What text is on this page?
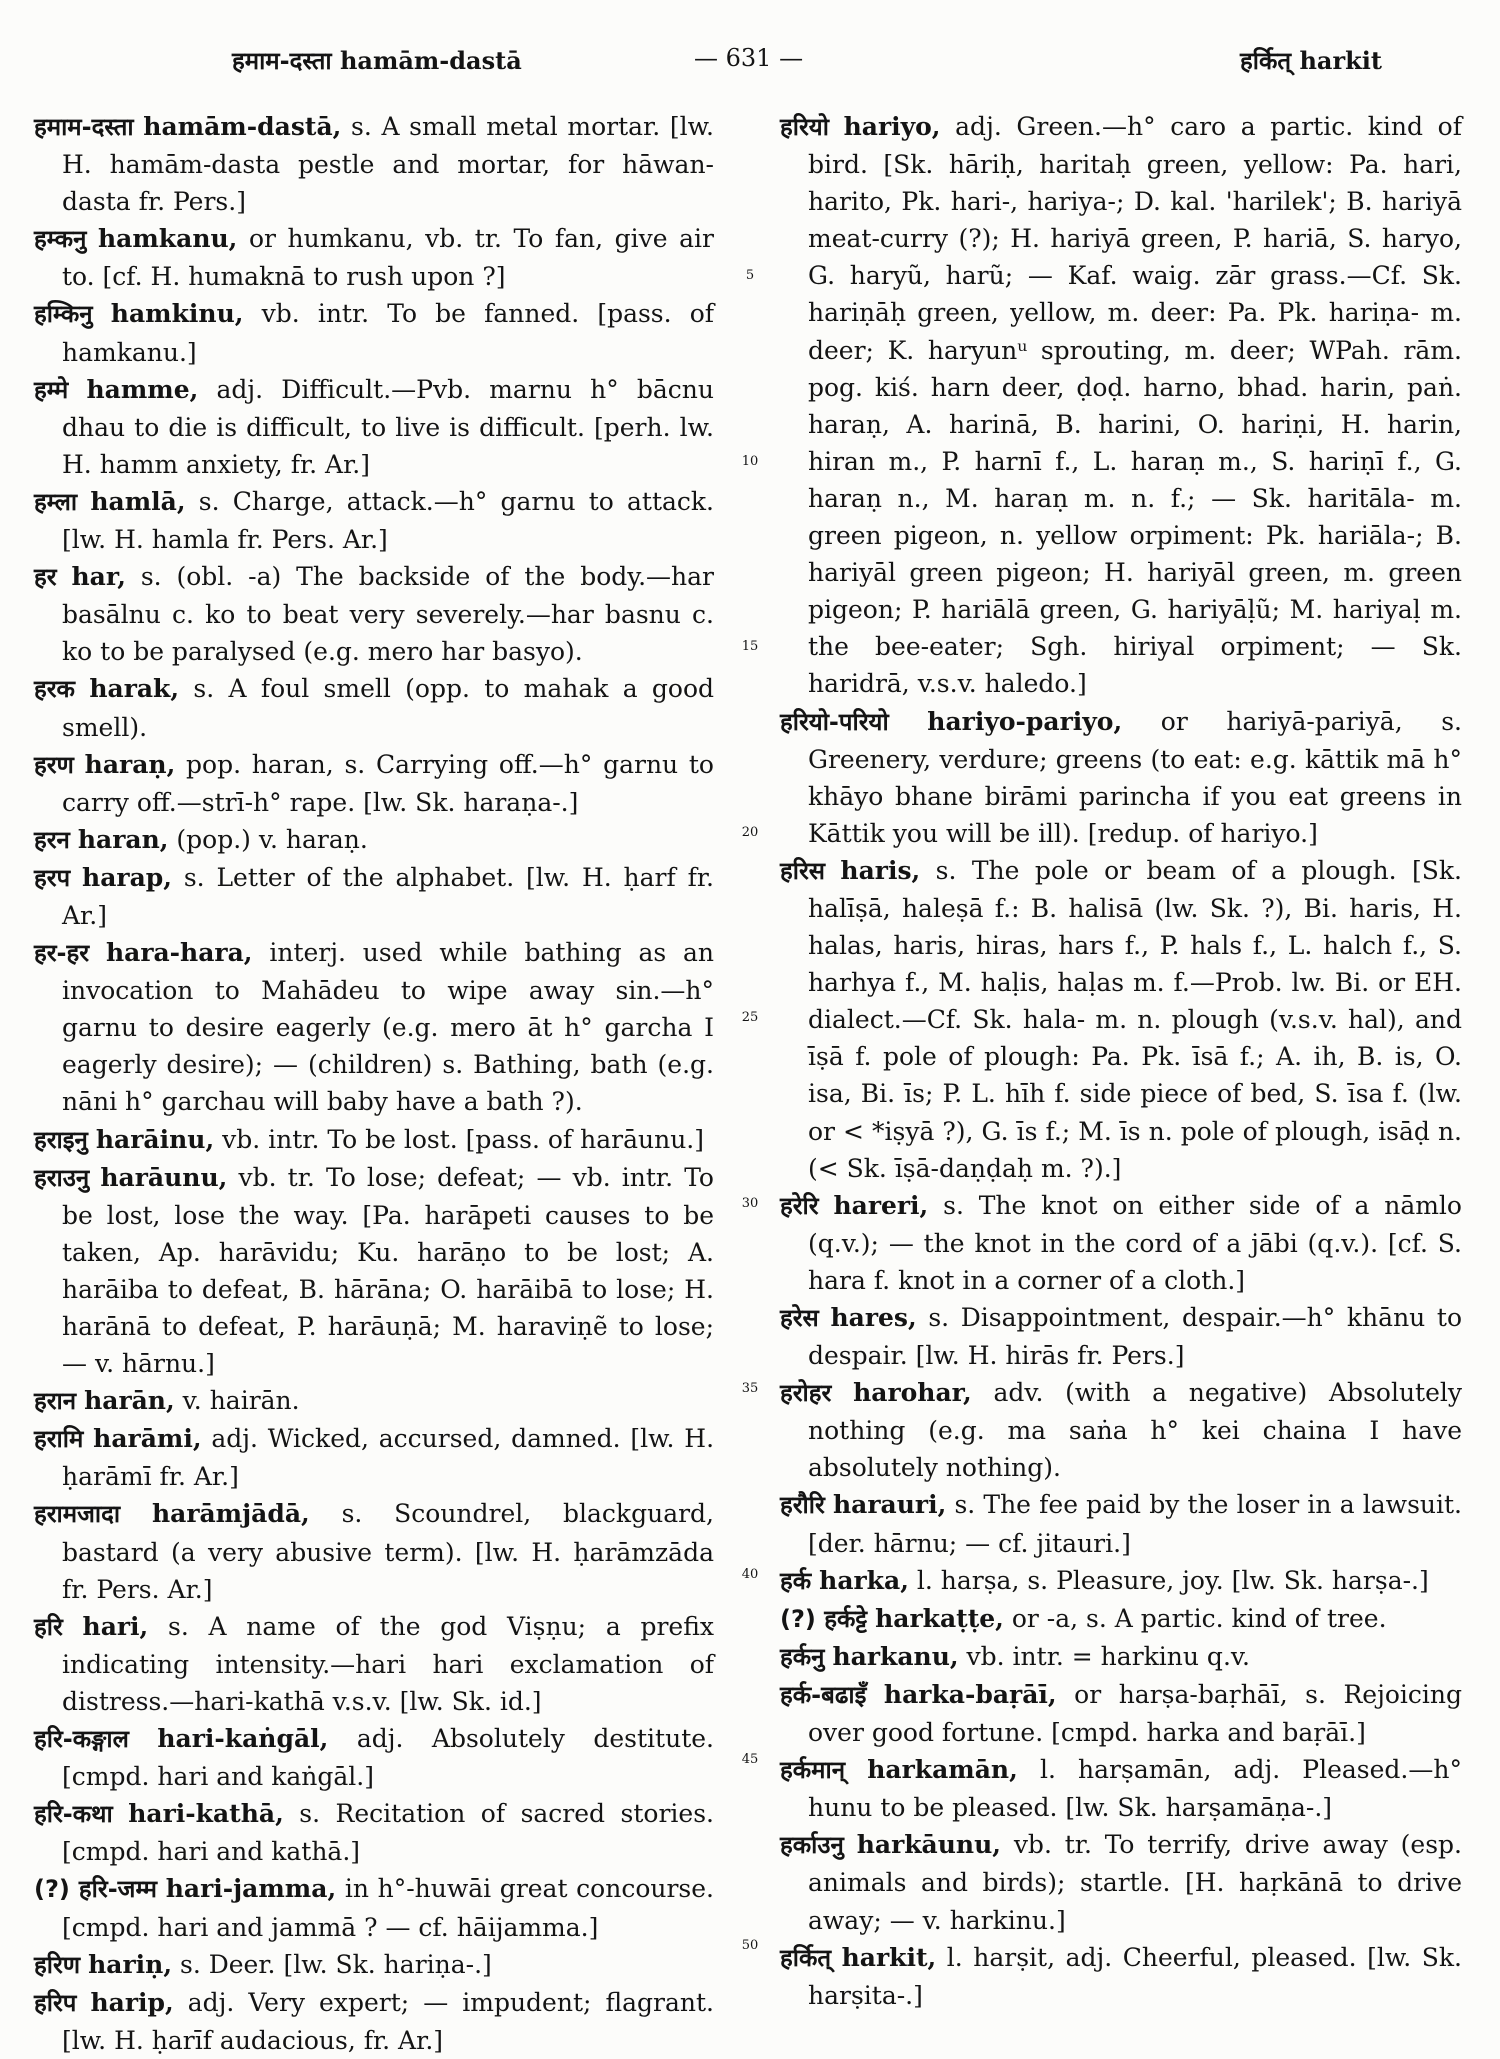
हमाम-दस्ता hamām-dastā	— 631 —	हर्कित् harkit

हमाम-दस्ता hamām-dastā, s. A small metal mortar. [lw. H. hamām-dasta pestle and mortar, for hāwan-dasta fr. Pers.]

हम्कनु hamkanu, or humkanu, vb. tr. To fan, give air to. [cf. H. humaknā to rush upon ?]

हम्किनु hamkinu, vb. intr. To be fanned. [pass. of hamkanu.]

हम्मे hamme, adj. Difficult.—Pvb. marnu h° bācnu dhau to die is difficult, to live is difficult. [perh. lw. H. hamm anxiety, fr. Ar.]

हम्ला hamlā, s. Charge, attack.—h° garnu to attack. [lw. H. hamla fr. Pers. Ar.]

हर har, s. (obl. -a) The backside of the body.—har basālnu c. ko to beat very severely.—har basnu c. ko to be paralysed (e.g. mero har basyo).

हरक harak, s. A foul smell (opp. to mahak a good smell).

हरण haraṇ, pop. haran, s. Carrying off.—h° garnu to carry off.—strī-h° rape. [lw. Sk. haraṇa-.]

हरन haran, (pop.) v. haraṇ.

हरप harap, s. Letter of the alphabet. [lw. H. ḥarf fr. Ar.]

हर-हर hara-hara, interj. used while bathing as an invocation to Mahādeu to wipe away sin.—h° garnu to desire eagerly (e.g. mero āt h° garcha I eagerly desire); — (children) s. Bathing, bath (e.g. nāni h° garchau will baby have a bath ?).

हराइनु harāinu, vb. intr. To be lost. [pass. of harāunu.]

हराउनु harāunu, vb. tr. To lose; defeat; — vb. intr. To be lost, lose the way. [Pa. harāpeti causes to be taken, Ap. harāvidu; Ku. harāṇo to be lost; A. harāiba to defeat, B. hārāna; O. harāibā to lose; H. harānā to defeat, P. harāuṇā; M. haraviṇẽ to lose; — v. hārnu.]

हरान harān, v. hairān.

हरामि harāmi, adj. Wicked, accursed, damned. [lw. H. ḥarāmī fr. Ar.]

हरामजादा harāmjādā, s. Scoundrel, blackguard, bastard (a very abusive term). [lw. H. ḥarāmzāda fr. Pers. Ar.]

हरि hari, s. A name of the god Viṣṇu; a prefix indicating intensity.—hari hari exclamation of distress.—hari-kathā v.s.v. [lw. Sk. id.]

हरि-कङ्गाल hari-kaṅgāl, adj. Absolutely destitute. [cmpd. hari and kaṅgāl.]

हरि-कथा hari-kathā, s. Recitation of sacred stories. [cmpd. hari and kathā.]

(?) हरि-जम्म hari-jamma, in h°-huwāi great concourse. [cmpd. hari and jammā ? — cf. hāijamma.]

हरिण hariṇ, s. Deer. [lw. Sk. hariṇa-.]

हरिप harip, adj. Very expert; — impudent; flagrant. [lw. H. ḥarīf audacious, fr. Ar.]

5
10
15
20
25
30
35
40
45
50

हरियो hariyo, adj. Green.—h° caro a partic. kind of bird. [Sk. hāriḥ, haritaḥ green, yellow: Pa. hari, harito, Pk. hari-, hariya-; D. kal. 'harilek'; B. hariyā meat-curry (?); H. hariyā green, P. hariā, S. haryo, G. haryũ, harũ; — Kaf. waig. zār grass.—Cf. Sk. hariṇāḥ green, yellow, m. deer: Pa. Pk. hariṇa- m. deer; K. haryunᵘ sprouting, m. deer; WPah. rām. pog. kiś. harn deer, ḍoḍ. harno, bhad. harin, paṅ. haraṇ, A. harinā, B. harini, O. hariṇi, H. harin, hiran m., P. harnī f., L. haraṇ m., S. hariṇī f., G. haraṇ n., M. haraṇ m. n. f.; — Sk. haritāla- m. green pigeon, n. yellow orpiment: Pk. hariāla-; B. hariyāl green pigeon; H. hariyāl green, m. green pigeon; P. hariālā green, G. hariyāḷũ; M. hariyaḷ m. the bee-eater; Sgh. hiriyal orpiment; — Sk. haridrā, v.s.v. haledo.]

हरियो-परियो hariyo-pariyo, or hariyā-pariyā, s. Greenery, verdure; greens (to eat: e.g. kāttik mā h° khāyo bhane birāmi parincha if you eat greens in Kāttik you will be ill). [redup. of hariyo.]

हरिस haris, s. The pole or beam of a plough. [Sk. halīṣā, haleṣā f.: B. halisā (lw. Sk. ?), Bi. haris, H. halas, haris, hiras, hars f., P. hals f., L. halch f., S. harhya f., M. haḷis, haḷas m. f.—Prob. lw. Bi. or EH. dialect.—Cf. Sk. hala- m. n. plough (v.s.v. hal), and īṣā f. pole of plough: Pa. Pk. īsā f.; A. ih, B. is, O. isa, Bi. īs; P. L. hīh f. side piece of bed, S. īsa f. (lw. or < *iṣyā ?), G. īs f.; M. īs n. pole of plough, isāḍ n. (< Sk. īṣā-daṇḍaḥ m. ?).]

हरेरि hareri, s. The knot on either side of a nāmlo (q.v.); — the knot in the cord of a jābi (q.v.). [cf. S. hara f. knot in a corner of a cloth.]

हरेस hares, s. Disappointment, despair.—h° khānu to despair. [lw. H. hirās fr. Pers.]

हरोहर harohar, adv. (with a negative) Absolutely nothing (e.g. ma saṅa h° kei chaina I have absolutely nothing).

हरौरि harauri, s. The fee paid by the loser in a lawsuit. [der. hārnu; — cf. jitauri.]

हर्क harka, l. harṣa, s. Pleasure, joy. [lw. Sk. harṣa-.]

(?) हर्कट्टे harkaṭṭe, or -a, s. A partic. kind of tree.

हर्कनु harkanu, vb. intr. = harkinu q.v.

हर्क-बढाइँ harka-baṛāī, or harṣa-baṛhāī, s. Rejoicing over good fortune. [cmpd. harka and baṛāī.]

हर्कमान् harkamān, l. harṣamān, adj. Pleased.—h° hunu to be pleased. [lw. Sk. harṣamāṇa-.]

हर्काउनु harkāunu, vb. tr. To terrify, drive away (esp. animals and birds); startle. [H. haṛkānā to drive away; — v. harkinu.]

हर्कित् harkit, l. harṣit, adj. Cheerful, pleased. [lw. Sk. harṣita-.]
